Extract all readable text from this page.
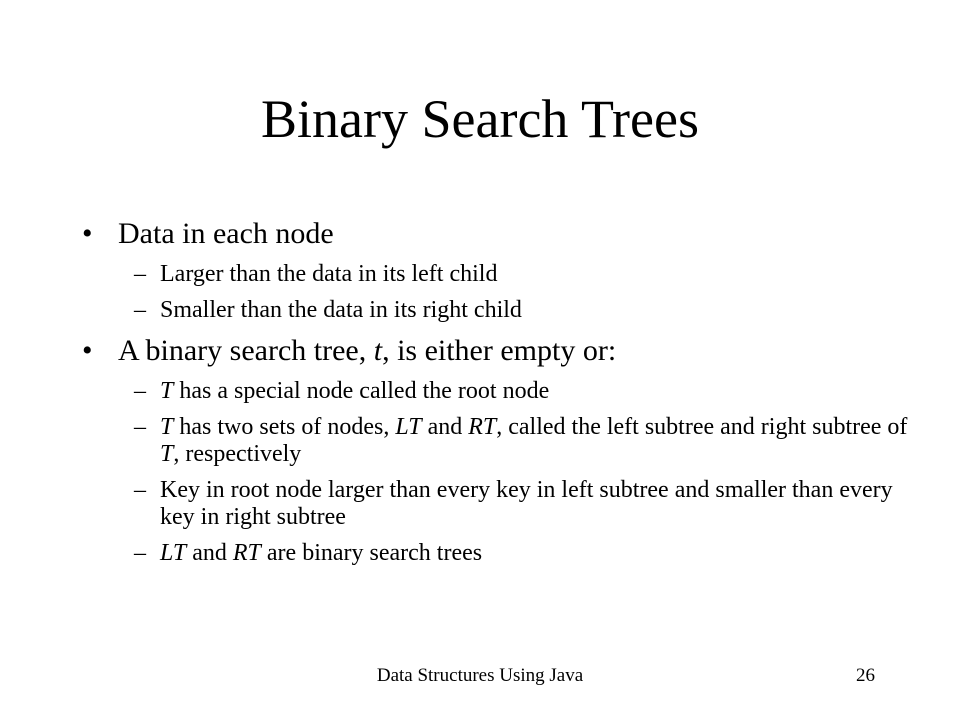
Binary Search Trees
• Data in each node
– Larger than the data in its left child
– Smaller than the data in its right child
• A binary search tree, t, is either empty or:
– T has a special node called the root node
– T has two sets of nodes, LT and RT, called the left subtree and right subtree of T, respectively
– Key in root node larger than every key in left subtree and smaller than every key in right subtree
– LT and RT are binary search trees
Data Structures Using Java	26
